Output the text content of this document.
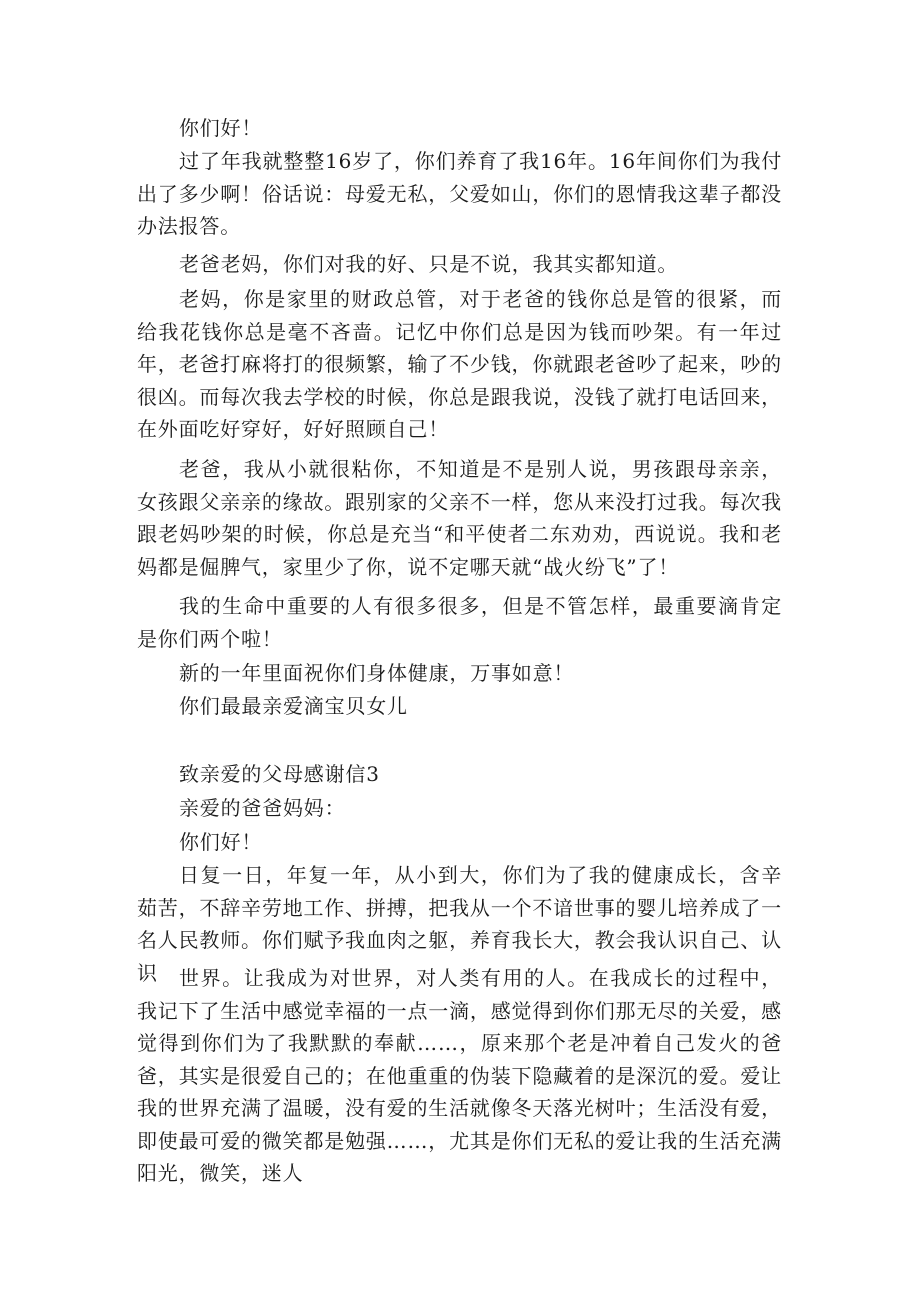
你们好！

过了年我就整整16岁了，你们养育了我16年。16年间你们为我付出了多少啊！俗话说：母爱无私，父爱如山，你们的恩情我这辈子都没办法报答。

老爸老妈，你们对我的好、只是不说，我其实都知道。

老妈，你是家里的财政总管，对于老爸的钱你总是管的很紧，而给我花钱你总是毫不吝啬。记忆中你们总是因为钱而吵架。有一年过年，老爸打麻将打的很频繁，输了不少钱，你就跟老爸吵了起来，吵的很凶。而每次我去学校的时候，你总是跟我说，没钱了就打电话回来，在外面吃好穿好，好好照顾自己！

老爸，我从小就很粘你，不知道是不是别人说，男孩跟母亲亲，女孩跟父亲亲的缘故。跟别家的父亲不一样，您从来没打过我。每次我跟老妈吵架的时候，你总是充当“和平使者二东劝劝，西说说。我和老妈都是倔脾气，家里少了你，说不定哪天就“战火纷飞”了！

我的生命中重要的人有很多很多，但是不管怎样，最重要滴肯定是你们两个啦！

新的一年里面祝你们身体健康，万事如意！

你们最最亲爱滴宝贝女儿

致亲爱的父母感谢信3

亲爱的爸爸妈妈：

你们好！

日复一日，年复一年，从小到大，你们为了我的健康成长，含辛茹苦，不辞辛劳地工作、拼搏，把我从一个不谙世事的婴儿培养成了一名人民教师。你们赋予我血肉之躯，养育我长大，教会我认识自己、认识	世界。让我成为对世界，对人类有用的人。在我成长的过程中，我记下了生活中感觉幸福的一点一滴，感觉得到你们那无尽的关爱，感觉得到你们为了我默默的奉献……，原来那个老是冲着自己发火的爸爸，其实是很爱自己的；在他重重的伪装下隐藏着的是深沉的爱。爱让我的世界充满了温暖，没有爱的生活就像冬天落光树叶；生活没有爱，即使最可爱的微笑都是勉强……，尤其是你们无私的爱让我的生活充满阳光，微笑，迷人
